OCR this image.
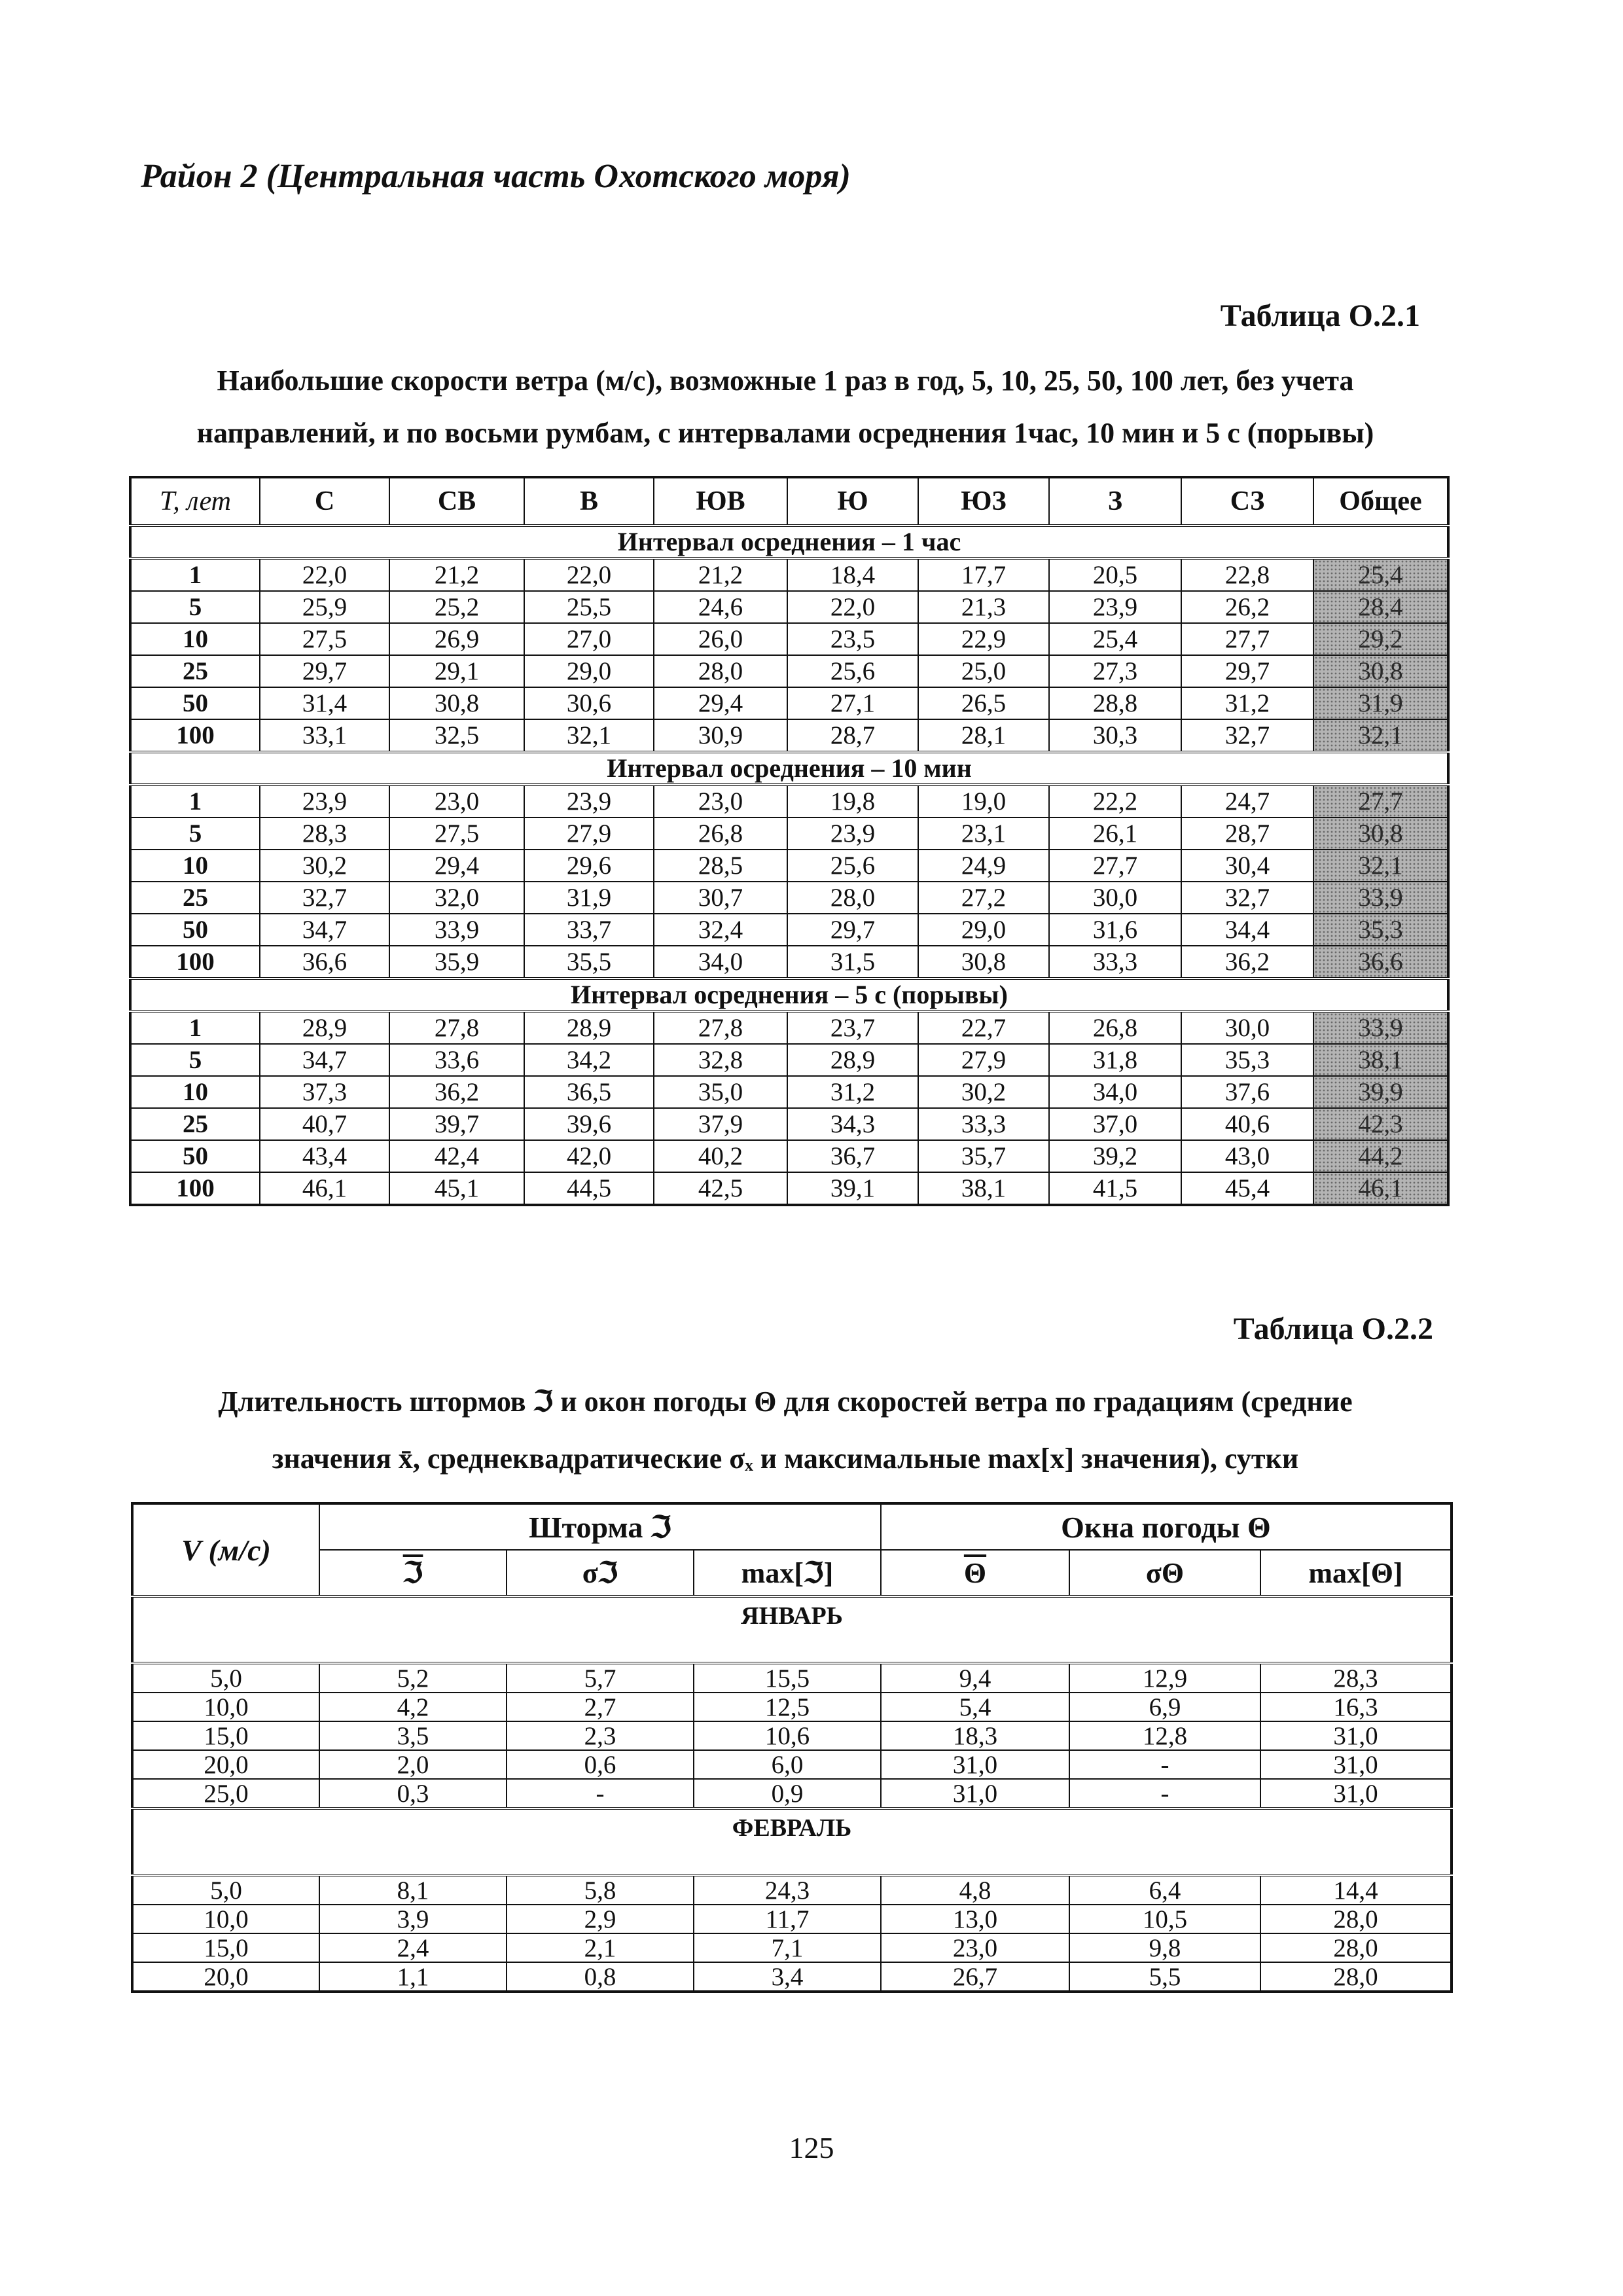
Район 2 (Центральная часть Охотского моря)
Таблица О.2.1
Наибольшие скорости ветра (м/с), возможные 1 раз в год, 5, 10, 25, 50, 100 лет, без учета
направлений, и по восьми румбам, с интервалами осреднения 1час, 10 мин и 5 с (порывы)
T, лет	С	СВ	В	ЮВ	Ю	ЮЗ	З	СЗ	Общее
Интервал осреднения – 1 час									
1	22,0	21,2	22,0	21,2	18,4	17,7	20,5	22,8	25,4
5	25,9	25,2	25,5	24,6	22,0	21,3	23,9	26,2	28,4
10	27,5	26,9	27,0	26,0	23,5	22,9	25,4	27,7	29,2
25	29,7	29,1	29,0	28,0	25,6	25,0	27,3	29,7	30,8
50	31,4	30,8	30,6	29,4	27,1	26,5	28,8	31,2	31,9
100	33,1	32,5	32,1	30,9	28,7	28,1	30,3	32,7	32,1
Интервал осреднения – 10 мин									
1	23,9	23,0	23,9	23,0	19,8	19,0	22,2	24,7	27,7
5	28,3	27,5	27,9	26,8	23,9	23,1	26,1	28,7	30,8
10	30,2	29,4	29,6	28,5	25,6	24,9	27,7	30,4	32,1
25	32,7	32,0	31,9	30,7	28,0	27,2	30,0	32,7	33,9
50	34,7	33,9	33,7	32,4	29,7	29,0	31,6	34,4	35,3
100	36,6	35,9	35,5	34,0	31,5	30,8	33,3	36,2	36,6
Интервал осреднения – 5 с (порывы)									
1	28,9	27,8	28,9	27,8	23,7	22,7	26,8	30,0	33,9
5	34,7	33,6	34,2	32,8	28,9	27,9	31,8	35,3	38,1
10	37,3	36,2	36,5	35,0	31,2	30,2	34,0	37,6	39,9
25	40,7	39,7	39,6	37,9	34,3	33,3	37,0	40,6	42,3
50	43,4	42,4	42,0	40,2	36,7	35,7	39,2	43,0	44,2
100	46,1	45,1	44,5	42,5	39,1	38,1	41,5	45,4	46,1
Таблица О.2.2
Длительность штормов ℑ и окон погоды Θ для скоростей ветра по градациям (средние
значения x̄, среднеквадратические σₓ и максимальные max[x] значения), сутки
V (м/с)	Шторма ℑ			Окна погоды Θ		
	ℑ	σℑ	max[ℑ]	$\overline{\Theta}$	σΘ	max[Θ]
ЯНВАРЬ						
5,0	5,2	5,7	15,5	9,4	12,9	28,3
10,0	4,2	2,7	12,5	5,4	6,9	16,3
15,0	3,5	2,3	10,6	18,3	12,8	31,0
20,0	2,0	0,6	6,0	31,0	-	31,0
25,0	0,3	-	0,9	31,0	-	31,0
ФЕВРАЛЬ						
5,0	8,1	5,8	24,3	4,8	6,4	14,4
10,0	3,9	2,9	11,7	13,0	10,5	28,0
15,0	2,4	2,1	7,1	23,0	9,8	28,0
20,0	1,1	0,8	3,4	26,7	5,5	28,0
125
